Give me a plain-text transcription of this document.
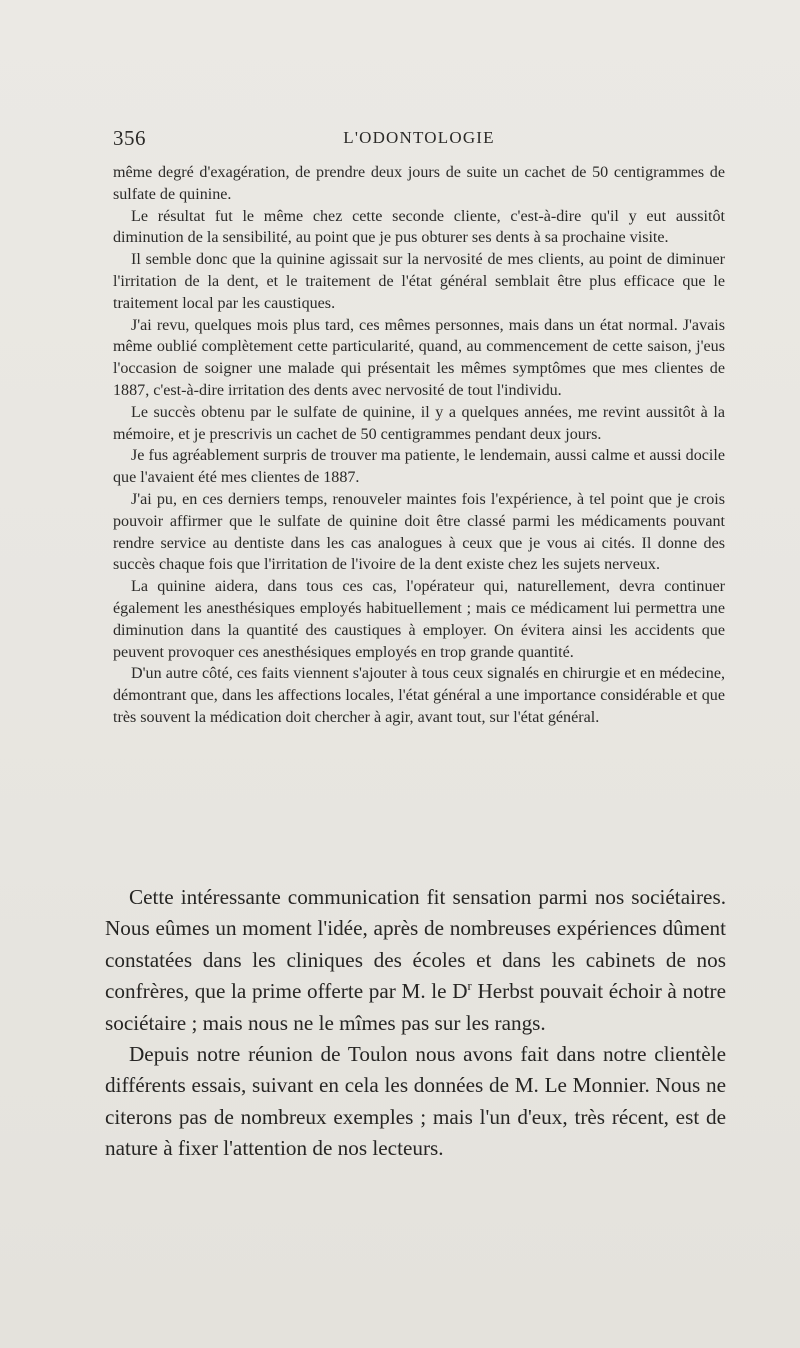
356	L'ODONTOLOGIE

même degré d'exagération, de prendre deux jours de suite un cachet de 50 centigrammes de sulfate de quinine.

Le résultat fut le même chez cette seconde cliente, c'est-à-dire qu'il y eut aussitôt diminution de la sensibilité, au point que je pus obturer ses dents à sa prochaine visite.

Il semble donc que la quinine agissait sur la nervosité de mes clients, au point de diminuer l'irritation de la dent, et le traitement de l'état général semblait être plus efficace que le traitement local par les caustiques.

J'ai revu, quelques mois plus tard, ces mêmes personnes, mais dans un état normal. J'avais même oublié complètement cette particularité, quand, au commencement de cette saison, j'eus l'occasion de soigner une malade qui présentait les mêmes symptômes que mes clientes de 1887, c'est-à-dire irritation des dents avec nervosité de tout l'individu.

Le succès obtenu par le sulfate de quinine, il y a quelques années, me revint aussitôt à la mémoire, et je prescrivis un cachet de 50 centigrammes pendant deux jours.

Je fus agréablement surpris de trouver ma patiente, le lendemain, aussi calme et aussi docile que l'avaient été mes clientes de 1887.

J'ai pu, en ces derniers temps, renouveler maintes fois l'expérience, à tel point que je crois pouvoir affirmer que le sulfate de quinine doit être classé parmi les médicaments pouvant rendre service au dentiste dans les cas analogues à ceux que je vous ai cités. Il donne des succès chaque fois que l'irritation de l'ivoire de la dent existe chez les sujets nerveux.

La quinine aidera, dans tous ces cas, l'opérateur qui, naturellement, devra continuer également les anesthésiques employés habituellement ; mais ce médicament lui permettra une diminution dans la quantité des caustiques à employer. On évitera ainsi les accidents que peuvent provoquer ces anesthésiques employés en trop grande quantité.

D'un autre côté, ces faits viennent s'ajouter à tous ceux signalés en chirurgie et en médecine, démontrant que, dans les affections locales, l'état général a une importance considérable et que très souvent la médication doit chercher à agir, avant tout, sur l'état général.

Cette intéressante communication fit sensation parmi nos sociétaires. Nous eûmes un moment l'idée, après de nombreuses expériences dûment constatées dans les cliniques des écoles et dans les cabinets de nos confrères, que la prime offerte par M. le $D^r$ Herbst pouvait échoir à notre sociétaire ; mais nous ne le mîmes pas sur les rangs.

Depuis notre réunion de Toulon nous avons fait dans notre clientèle différents essais, suivant en cela les données de M. Le Monnier. Nous ne citerons pas de nombreux exemples ; mais l'un d'eux, très récent, est de nature à fixer l'attention de nos lecteurs.
